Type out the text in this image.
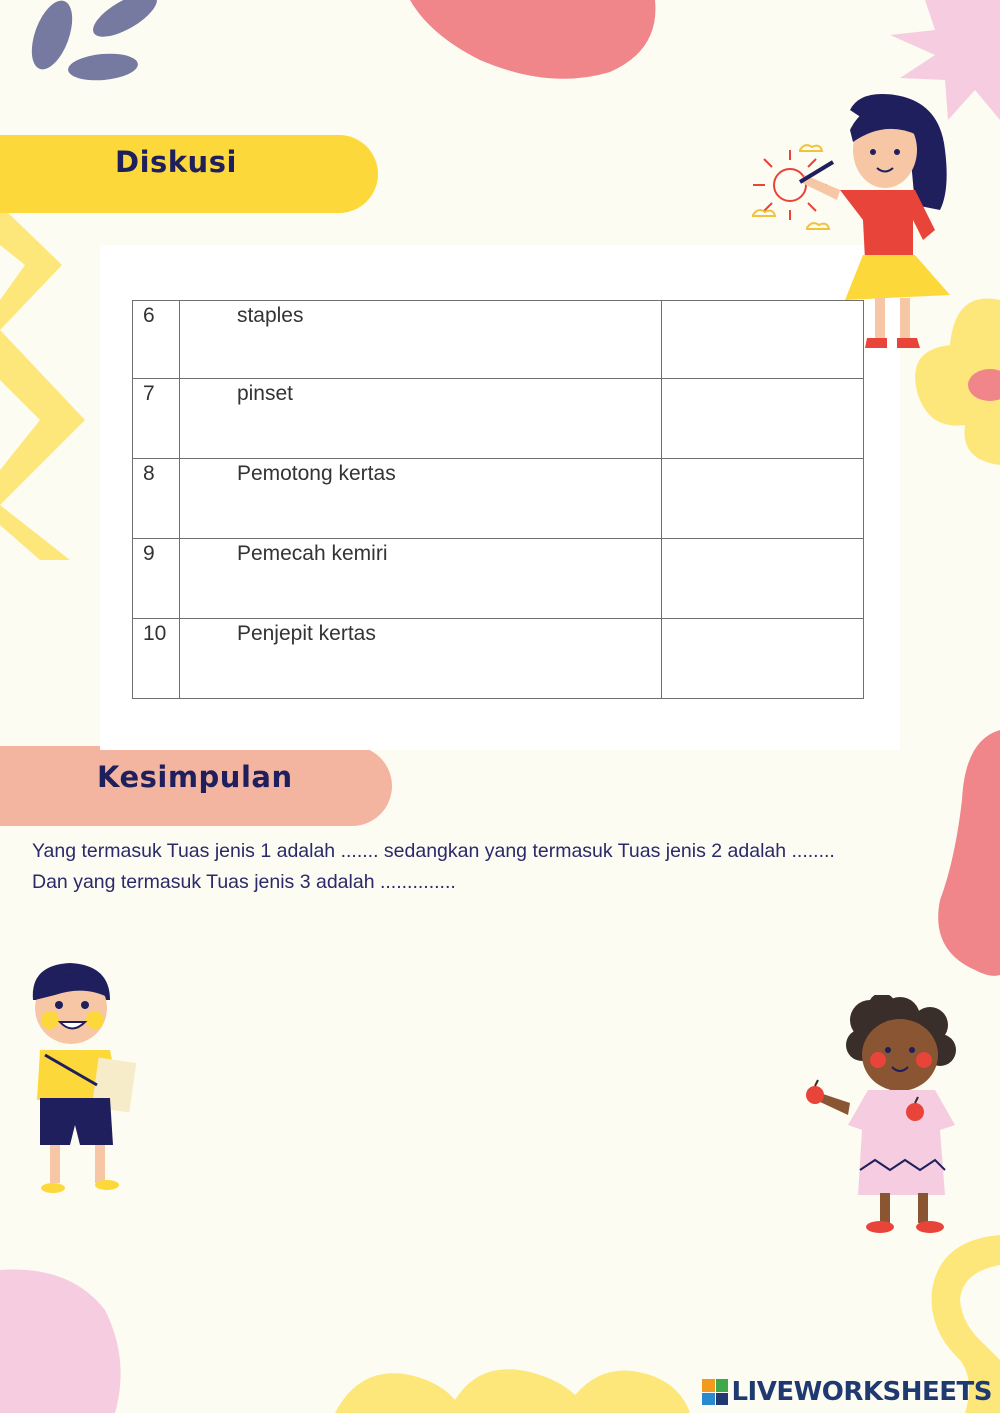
Diskusi
Kesimpulan
6	staples	
7	pinset	
8	Pemotong kertas	
9	Pemecah kemiri	
10	Penjepit kertas	
Yang termasuk Tuas jenis 1 adalah ....... sedangkan yang termasuk Tuas jenis 2 adalah ........
Dan yang termasuk Tuas jenis 3 adalah ..............
LIVEWORKSHEETS
